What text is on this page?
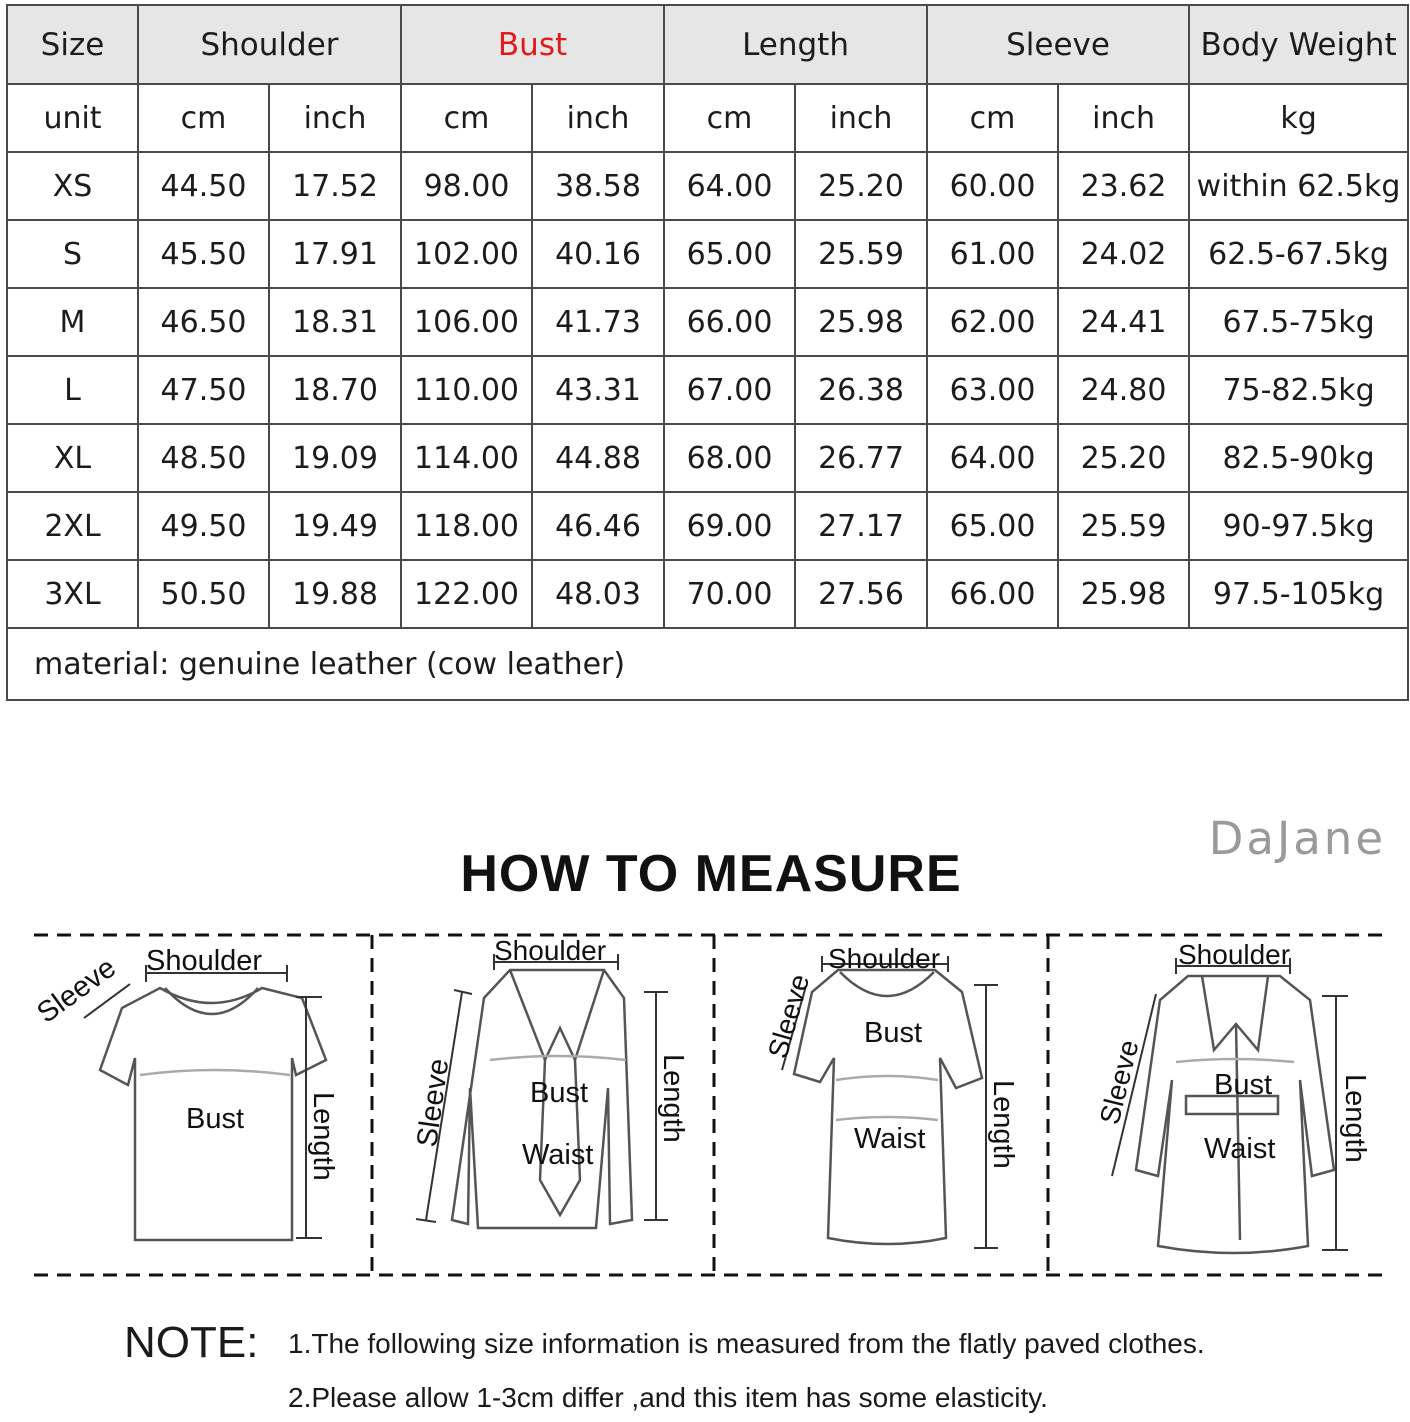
Size	Shoulder		Bust		Length		Sleeve		Body Weight
unit	cm	inch	cm	inch	cm	inch	cm	inch	kg
XS	44.50	17.52	98.00	38.58	64.00	25.20	60.00	23.62	within 62.5kg
S	45.50	17.91	102.00	40.16	65.00	25.59	61.00	24.02	62.5-67.5kg
M	46.50	18.31	106.00	41.73	66.00	25.98	62.00	24.41	67.5-75kg
L	47.50	18.70	110.00	43.31	67.00	26.38	63.00	24.80	75-82.5kg
XL	48.50	19.09	114.00	44.88	68.00	26.77	64.00	25.20	82.5-90kg
2XL	49.50	19.49	118.00	46.46	69.00	27.17	65.00	25.59	90-97.5kg
3XL	50.50	19.88	122.00	48.03	70.00	27.56	66.00	25.98	97.5-105kg
material: genuine leather (cow leather)									
DaJane
HOW TO MEASURE
Shoulder
Sleeve
Bust Length
Shoulder
Sleeve	Bust
Waist
Length
Shoulder
Sleeve Bust
Waist Length
Shoulder
Sleeve Bust
Waist Length
NOTE: 1.The following size information is measured from the flatly paved clothes.
2.Please allow 1-3cm differ ,and this item has some elasticity.
